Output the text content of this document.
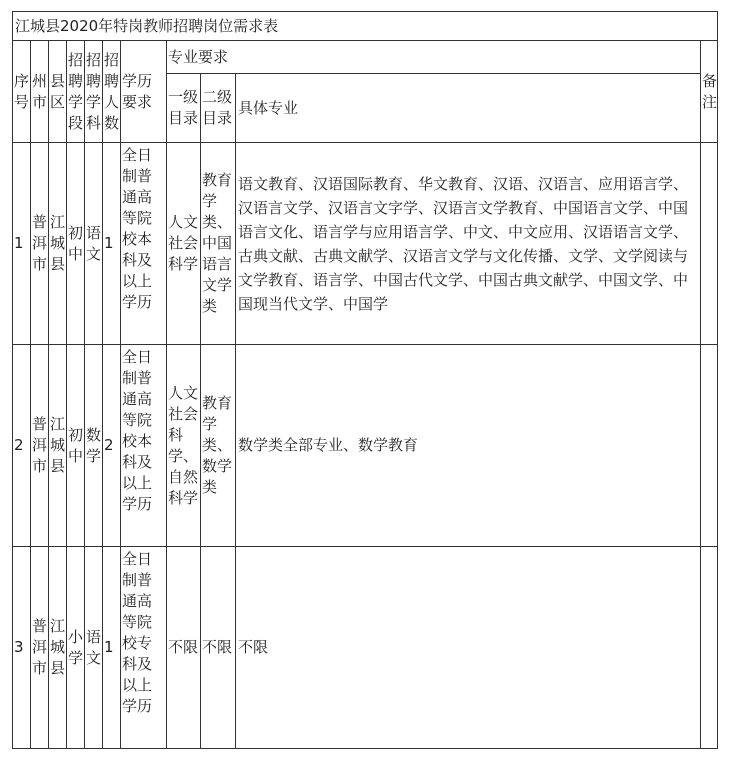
江城县2020年特岗教师招聘岗位需求表
序号
州市
县区
招聘学段
招聘学科
招聘人数
学历要求
专业要求
一级目录
二级目录
具体专业
备注
1
普洱市
江城县
初中
语文
1
全日制普通高等院校本科及以上学历
人文社会科学
教育学类、中国语言文学类
语文教育、汉语国际教育、华文教育、汉语、汉语言、应用语言学、汉语言文学、汉语言文字学、汉语言文学教育、中国语言文学、中国语言文化、语言学与应用语言学、中文、中文应用、汉语语言文学、古典文献、古典文献学、汉语言文学与文化传播、文学、文学阅读与文学教育、语言学、中国古代文学、中国古典文献学、中国文学、中国现当代文学、中国学
2
普洱市
江城县
初中
数学
2
全日制普通高等院校本科及以上学历
人文社会科学、自然科学
教育学类、数学类
数学类全部专业、数学教育
3
普洱市
江城县
小学
语文
1
全日制普通高等院校专科及以上学历
不限 不限 不限
